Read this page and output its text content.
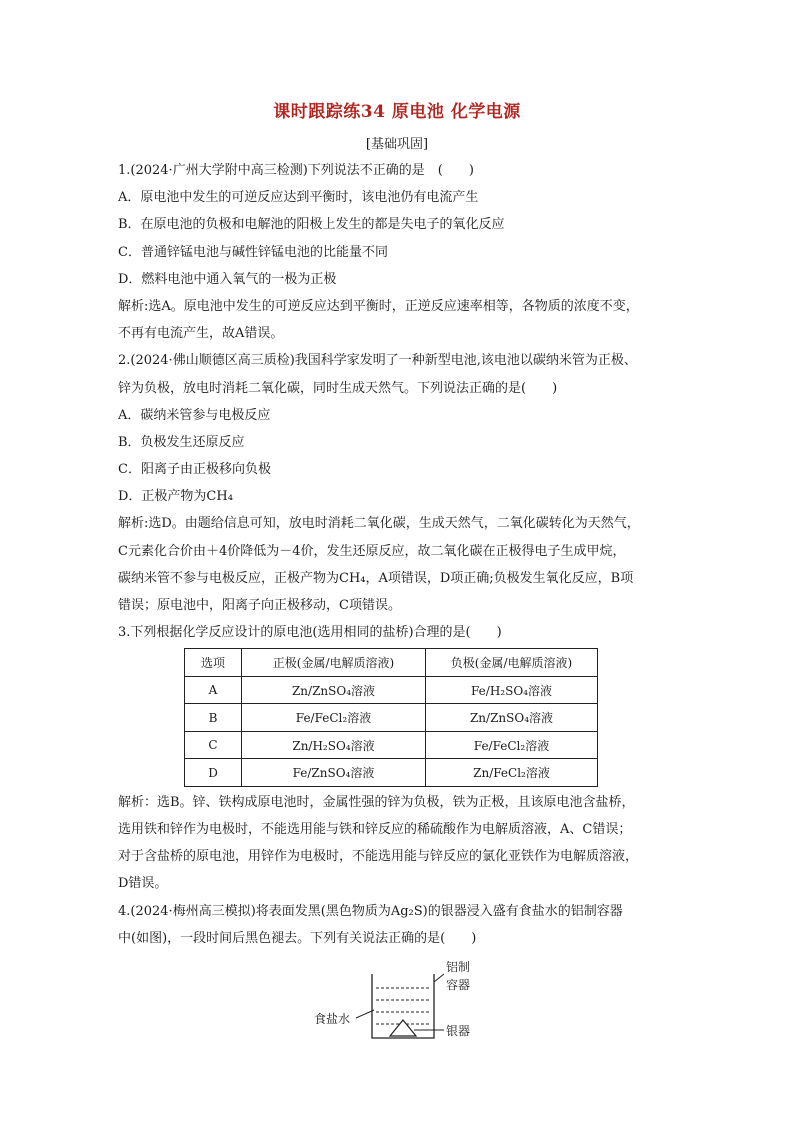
课时跟踪练34 原电池 化学电源
[基础巩固]
1.(2024·广州大学附中高三检测)下列说法不正确的是　(　　)
A．原电池中发生的可逆反应达到平衡时，该电池仍有电流产生
B．在原电池的负极和电解池的阳极上发生的都是失电子的氧化反应
C．普通锌锰电池与碱性锌锰电池的比能量不同
D．燃料电池中通入氧气的一极为正极
解析:选A。原电池中发生的可逆反应达到平衡时，正逆反应速率相等，各物质的浓度不变，
不再有电流产生，故A错误。
2.(2024·佛山顺德区高三质检)我国科学家发明了一种新型电池,该电池以碳纳米管为正极、
锌为负极，放电时消耗二氧化碳，同时生成天然气。下列说法正确的是(　　)
A．碳纳米管参与电极反应
B．负极发生还原反应
C．阳离子由正极移向负极
D．正极产物为CH₄
解析:选D。由题给信息可知，放电时消耗二氧化碳，生成天然气，二氧化碳转化为天然气，
C元素化合价由＋4价降低为－4价，发生还原反应，故二氧化碳在正极得电子生成甲烷，
碳纳米管不参与电极反应，正极产物为CH₄，A项错误，D项正确;负极发生氧化反应，B项
错误；原电池中，阳离子向正极移动，C项错误。
3.下列根据化学反应设计的原电池(选用相同的盐桥)合理的是(　　)
选项	正极(金属/电解质溶液)	负极(金属/电解质溶液)
A	Zn/ZnSO₄溶液	Fe/H₂SO₄溶液
B	Fe/FeCl₂溶液	Zn/ZnSO₄溶液
C	Zn/H₂SO₄溶液	Fe/FeCl₂溶液
D	Fe/ZnSO₄溶液	Zn/FeCl₂溶液
解析：选B。锌、铁构成原电池时，金属性强的锌为负极，铁为正极，且该原电池含盐桥，
选用铁和锌作为电极时，不能选用能与铁和锌反应的稀硫酸作为电解质溶液，A、C错误；
对于含盐桥的原电池，用锌作为电极时，不能选用能与锌反应的氯化亚铁作为电解质溶液，
D错误。
4.(2024·梅州高三模拟)将表面发黑(黑色物质为Ag₂S)的银器浸入盛有食盐水的铝制容器
中(如图)，一段时间后黑色褪去。下列有关说法正确的是(　　)
铝制
容器
食盐水
银器
